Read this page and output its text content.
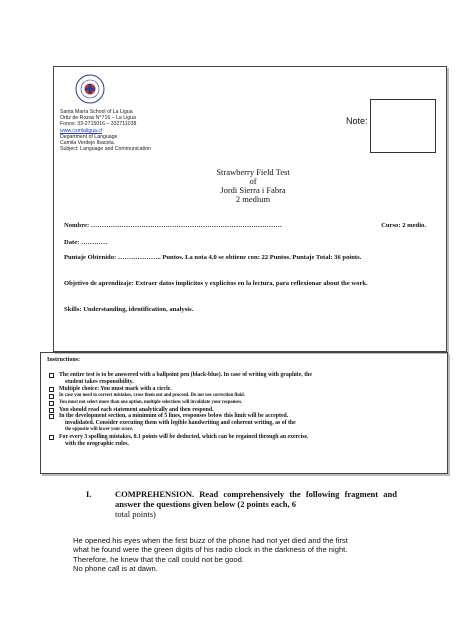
Santa María School of La Ligua
Ortiz de Rozas N°716 – La Ligua
Fonos: 33-2715016 – 332711038
www.csmlaligua.cl
Department of Language
Camila Verdejo Ibaceta.
Subject: Language and Communication
Note:
Strawberry Field Test
of
Jordi Sierra i Fabra
2 medium
Nombre: ……………………………………………………………………………	Curso: 2 medio.
Date: …………
Puntaje Obtenido: ……………….. Puntos. La nota 4,0 se obtiene con: 22 Puntos. Puntaje Total: 36 points.
Objetivo de aprendizaje: Extraer datos implícitos y explícitos en la lectura, para reflexionar about the work.
Skills: Understanding, identification, analysis.
Instructions:
The entire test is to be answered with a ballpoint pen (black-blue). In case of writing with graphite, the
student takes responsibility.
Multiple choice: You must mark with a circle.
In case you need to correct mistakes, cross them out and proceed. Do not use correction fluid.
You must not select more than one option, multiple selections will invalidate your responses.
You should read each statement analytically and then respond.
In the development section, a minimum of 5 lines, responses below this limit will be accepted.
invalidated. Consider executing them with legible handwriting and coherent writing, as of the
the opposite will lower your score.
For every 3 spelling mistakes, 0.1 points will be deducted, which can be regained through an exercise.
with the orographic rules.
I.	COMPREHENSION. Read comprehensively the following fragment and answer the questions given below (2 points each, 6
total points)
He opened his eyes when the first buzz of the phone had not yet died and the first
what he found were the green digits of his radio clock in the darkness of the night.
Therefore, he knew that the call could not be good.
No phone call is at dawn.
